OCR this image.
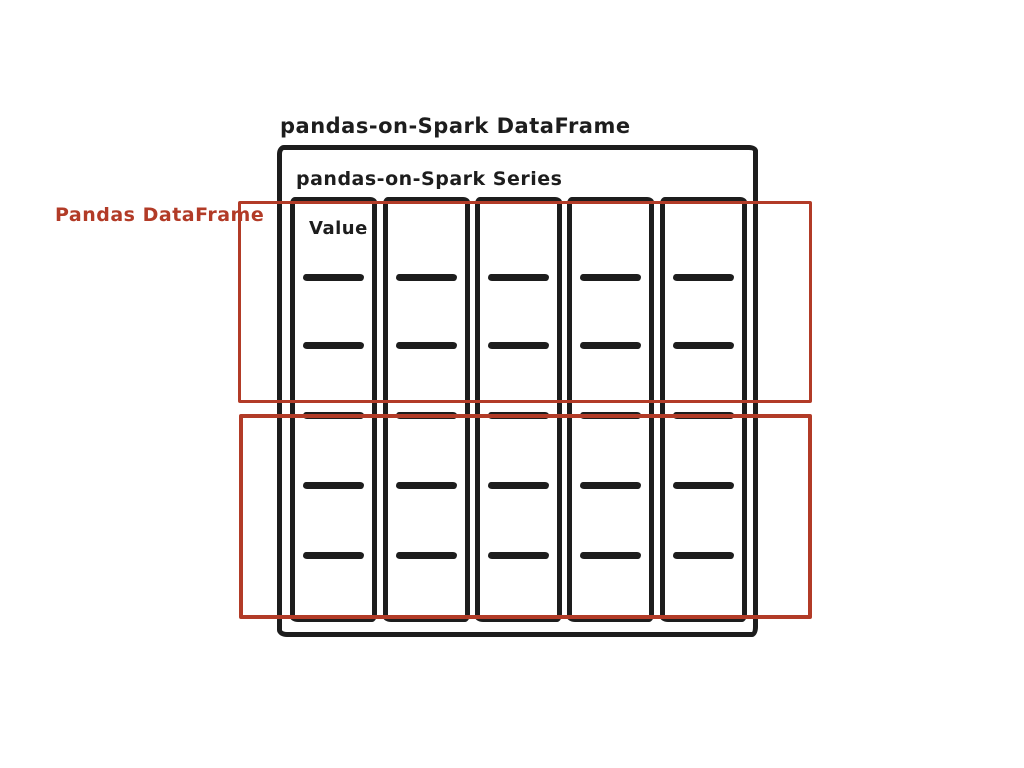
pandas-on-Spark DataFrame
pandas-on-Spark Series
Pandas DataFrame
Value
